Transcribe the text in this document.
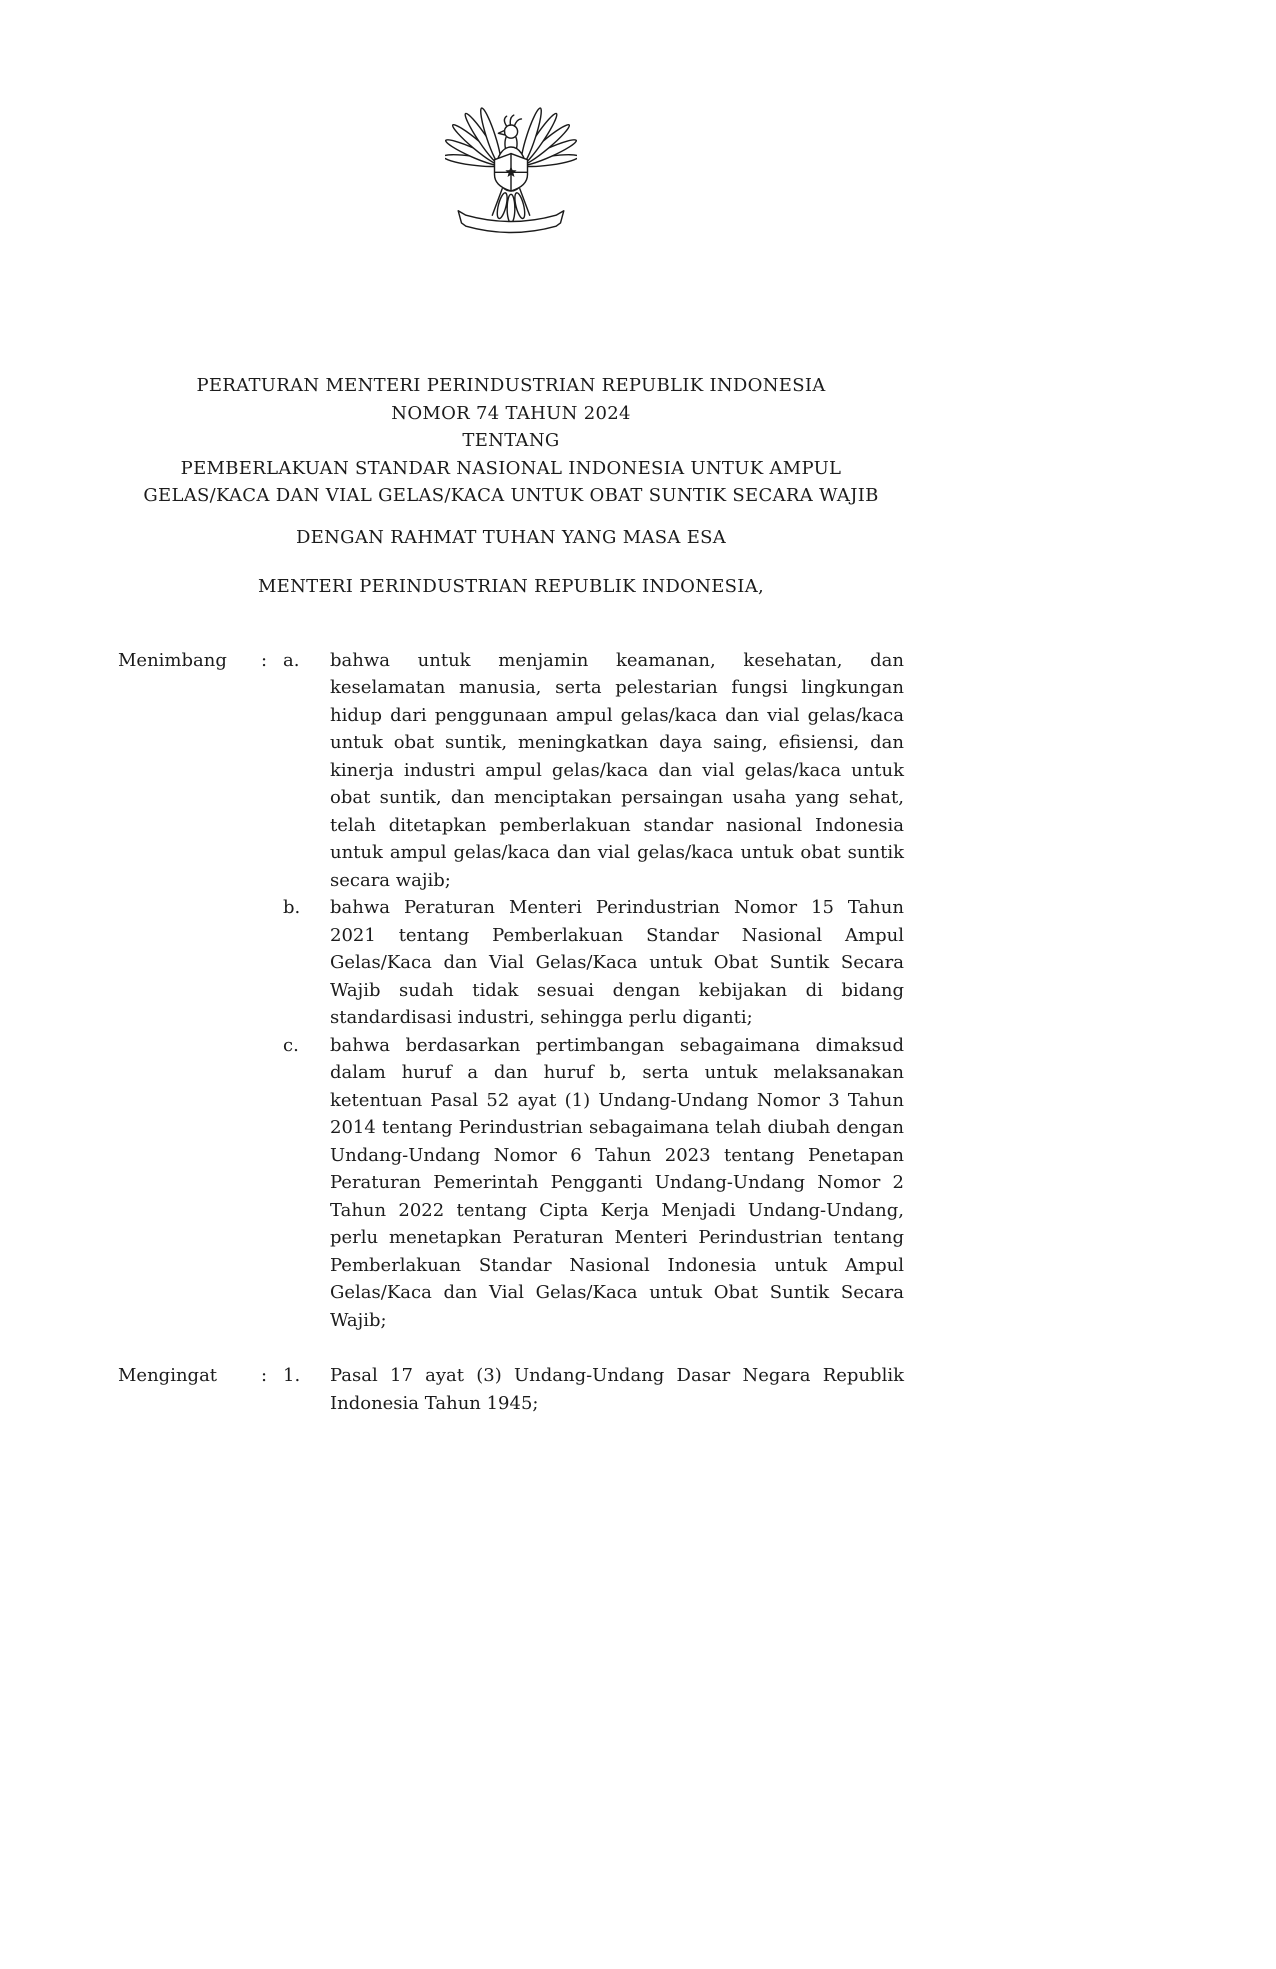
PERATURAN MENTERI PERINDUSTRIAN REPUBLIK INDONESIA
NOMOR 74 TAHUN 2024
TENTANG
PEMBERLAKUAN STANDAR NASIONAL INDONESIA UNTUK AMPUL
GELAS/KACA DAN VIAL GELAS/KACA UNTUK OBAT SUNTIK SECARA WAJIB
DENGAN RAHMAT TUHAN YANG MASA ESA
MENTERI PERINDUSTRIAN REPUBLIK INDONESIA,
Menimbang	: a.	bahwa untuk menjamin keamanan, kesehatan, dan keselamatan manusia, serta pelestarian fungsi lingkungan hidup dari penggunaan ampul gelas/kaca dan vial gelas/kaca untuk obat suntik, meningkatkan daya saing, efisiensi, dan kinerja industri ampul gelas/kaca dan vial gelas/kaca untuk obat suntik, dan menciptakan persaingan usaha yang sehat, telah ditetapkan pemberlakuan standar nasional Indonesia untuk ampul gelas/kaca dan vial gelas/kaca untuk obat suntik secara wajib;
b.	bahwa Peraturan Menteri Perindustrian Nomor 15 Tahun 2021 tentang Pemberlakuan Standar Nasional Ampul Gelas/Kaca dan Vial Gelas/Kaca untuk Obat Suntik Secara Wajib sudah tidak sesuai dengan kebijakan di bidang standardisasi industri, sehingga perlu diganti;
c.	bahwa berdasarkan pertimbangan sebagaimana dimaksud dalam huruf a dan huruf b, serta untuk melaksanakan ketentuan Pasal 52 ayat (1) Undang-Undang Nomor 3 Tahun 2014 tentang Perindustrian sebagaimana telah diubah dengan Undang-Undang Nomor 6 Tahun 2023 tentang Penetapan Peraturan Pemerintah Pengganti Undang-Undang Nomor 2 Tahun 2022 tentang Cipta Kerja Menjadi Undang-Undang, perlu menetapkan Peraturan Menteri Perindustrian tentang Pemberlakuan Standar Nasional Indonesia untuk Ampul Gelas/Kaca dan Vial Gelas/Kaca untuk Obat Suntik Secara Wajib;
Mengingat	: 1.	Pasal 17 ayat (3) Undang-Undang Dasar Negara Republik Indonesia Tahun 1945;
